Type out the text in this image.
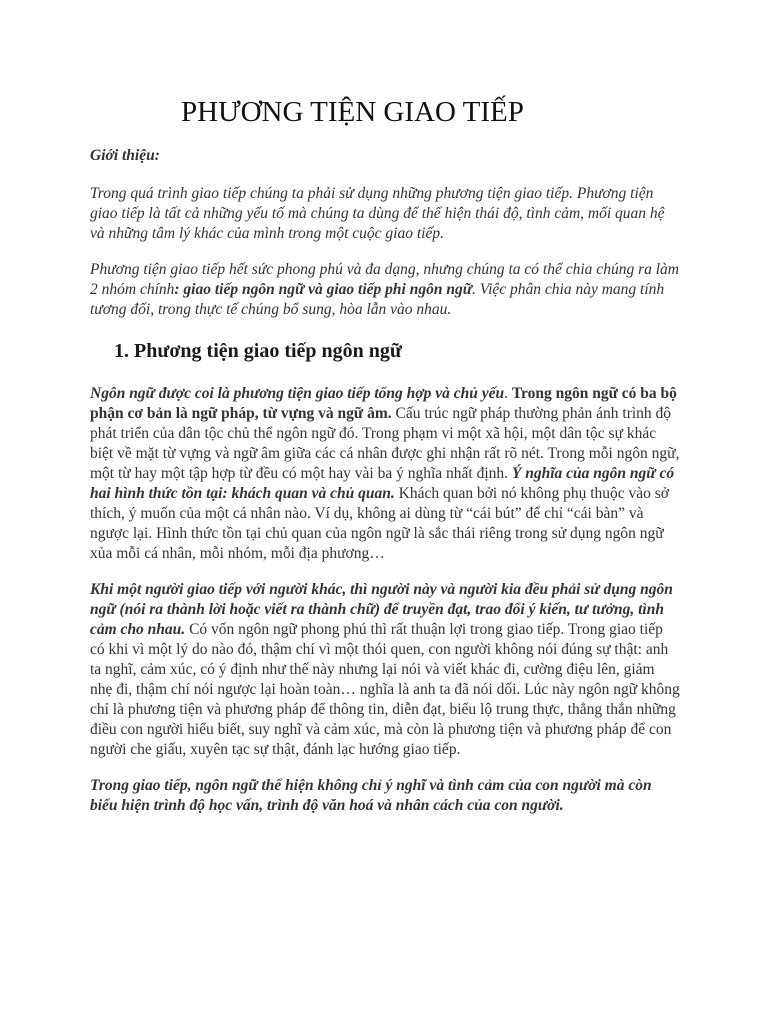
PHƯƠNG TIỆN GIAO TIẾP
Giới thiệu:

Trong quá trình giao tiếp chúng ta phải sử dụng những phương tiện giao tiếp. Phương tiện giao tiếp là tất cả những yếu tố mà chúng ta dùng để thể hiện thái độ, tình cảm, mối quan hệ và những tâm lý khác của mình trong một cuộc giao tiếp.

Phương tiện giao tiếp hết sức phong phú và đa dạng, nhưng chúng ta có thể chia chúng ra làm 2 nhóm chính: giao tiếp ngôn ngữ và giao tiếp phi ngôn ngữ. Việc phân chia này mang tính tương đối, trong thực tế chúng bổ sung, hòa lẫn vào nhau.

1. Phương tiện giao tiếp ngôn ngữ

Ngôn ngữ được coi là phương tiện giao tiếp tổng hợp và chủ yếu. Trong ngôn ngữ có ba bộ phận cơ bản là ngữ pháp, từ vựng và ngữ âm. Cấu trúc ngữ pháp thường phản ánh trình độ phát triển của dân tộc chủ thể ngôn ngữ đó. Trong phạm vi một xã hội, một dân tộc sự khác biệt về mặt từ vựng và ngữ âm giữa các cá nhân được ghi nhận rất rõ nét. Trong mỗi ngôn ngữ, một từ hay một tập hợp từ đều có một hay vài ba ý nghĩa nhất định. Ý nghĩa của ngôn ngữ có hai hình thức tồn tại: khách quan và chủ quan. Khách quan bởi nó không phụ thuộc vào sở thích, ý muốn của một cá nhân nào. Ví dụ, không ai dùng từ “cái bút” để chỉ “cái bàn” và ngược lại. Hình thức tồn tại chủ quan của ngôn ngữ là sắc thái riêng trong sử dụng ngôn ngữ xủa mỗi cá nhân, mỗi nhóm, mỗi địa phương…

Khi một người giao tiếp với người khác, thì người này và người kia đều phải sử dụng ngôn ngữ (nói ra thành lời hoặc viết ra thành chữ) để truyền đạt, trao đổi ý kiến, tư tưởng, tình cảm cho nhau. Có vốn ngôn ngữ phong phú thì rất thuận lợi trong giao tiếp. Trong giao tiếp có khi vì một lý do nào đó, thậm chí vì một thói quen, con người không nói đúng sự thật: anh ta nghĩ, cảm xúc, có ý định như thế này nhưng lại nói và viết khác đi, cường điệu lên, giảm nhẹ đi, thậm chí nói ngược lại hoàn toàn… nghĩa là anh ta đã nói dối. Lúc này ngôn ngữ không chỉ là phương tiện và phương pháp để thông tin, diễn đạt, biểu lộ trung thực, thẳng thắn những điều con người hiểu biết, suy nghĩ và cảm xúc, mà còn là phương tiện và phương pháp để con người che giấu, xuyên tạc sự thật, đánh lạc hướng giao tiếp.

Trong giao tiếp, ngôn ngữ thể hiện không chỉ ý nghĩ và tình cảm của con người mà còn biểu hiện trình độ học vấn, trình độ văn hoá và nhân cách của con người.
